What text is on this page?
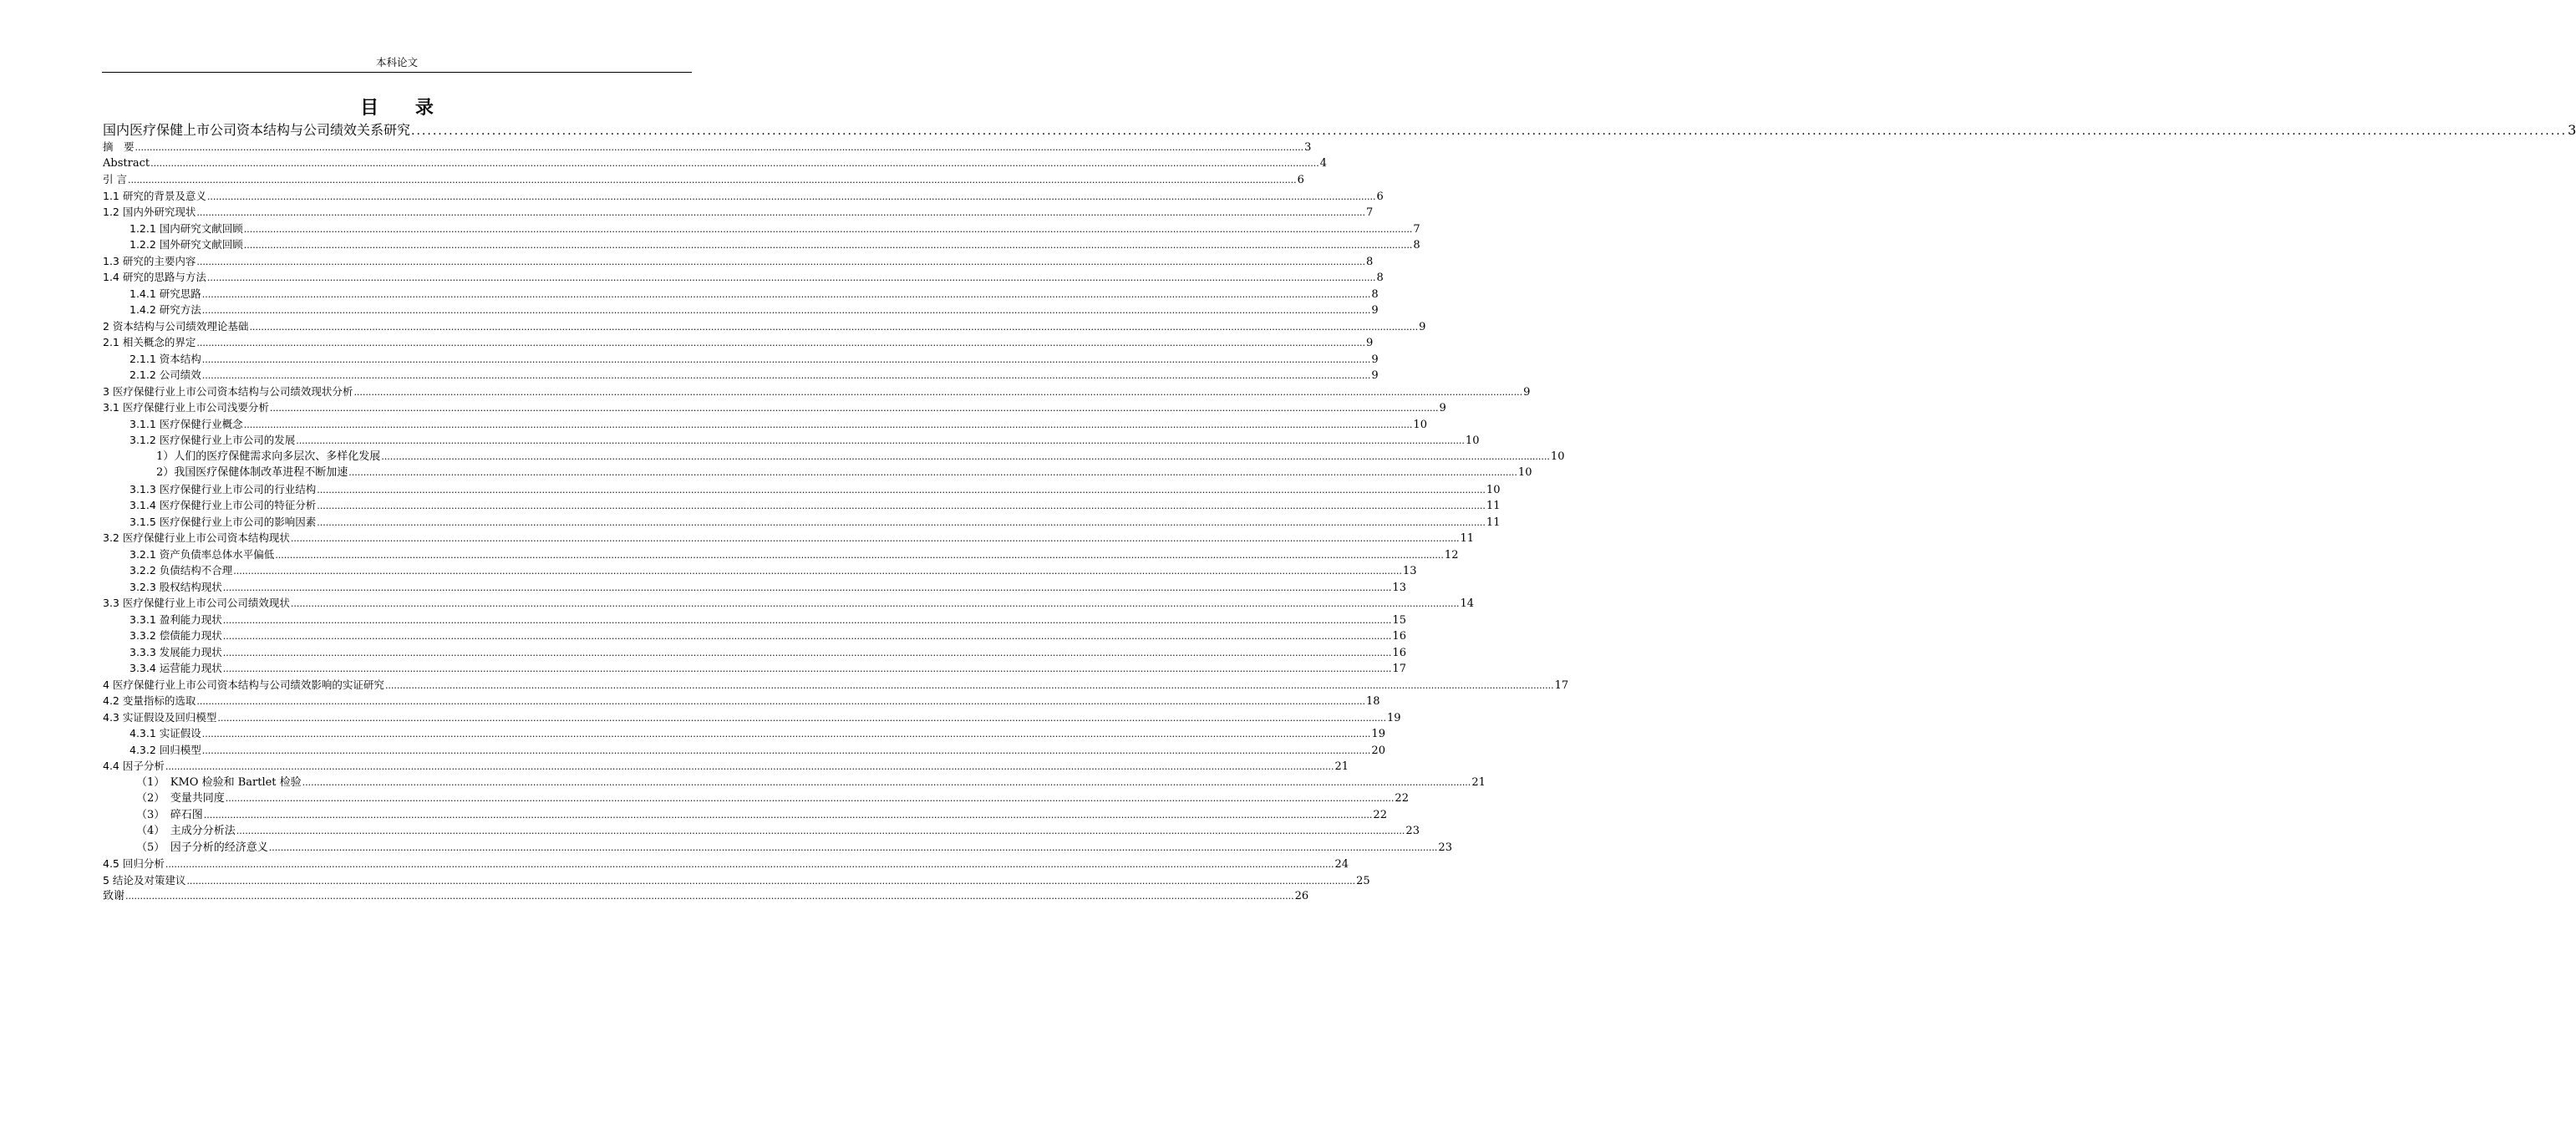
本科论文
目 录
国内医疗保健上市公司资本结构与公司绩效关系研究 ................................................................................................................................................................................................................................................................................................................................................................................................................ 3
摘　要 ................................................................................................................................................................................................................................................................................................................................................................................................................ 3
Abstract ................................................................................................................................................................................................................................................................................................................................................................................................................ 4
引 言 ................................................................................................................................................................................................................................................................................................................................................................................................................ 6
1.1 研究的背景及意义 ................................................................................................................................................................................................................................................................................................................................................................................................................ 6
1.2 国内外研究现状 ................................................................................................................................................................................................................................................................................................................................................................................................................ 7
1.2.1 国内研究文献回顾 ................................................................................................................................................................................................................................................................................................................................................................................................................ 7
1.2.2 国外研究文献回顾 ................................................................................................................................................................................................................................................................................................................................................................................................................ 8
1.3 研究的主要内容 ................................................................................................................................................................................................................................................................................................................................................................................................................ 8
1.4 研究的思路与方法 ................................................................................................................................................................................................................................................................................................................................................................................................................ 8
1.4.1 研究思路 ................................................................................................................................................................................................................................................................................................................................................................................................................ 8
1.4.2 研究方法 ................................................................................................................................................................................................................................................................................................................................................................................................................ 9
2 资本结构与公司绩效理论基础 ................................................................................................................................................................................................................................................................................................................................................................................................................ 9
2.1 相关概念的界定 ................................................................................................................................................................................................................................................................................................................................................................................................................ 9
2.1.1 资本结构 ................................................................................................................................................................................................................................................................................................................................................................................................................ 9
2.1.2 公司绩效 ................................................................................................................................................................................................................................................................................................................................................................................................................ 9
3 医疗保健行业上市公司资本结构与公司绩效现状分析 ................................................................................................................................................................................................................................................................................................................................................................................................................ 9
3.1 医疗保健行业上市公司浅要分析 ................................................................................................................................................................................................................................................................................................................................................................................................................ 9
3.1.1 医疗保健行业概念 ................................................................................................................................................................................................................................................................................................................................................................................................................ 10
3.1.2 医疗保健行业上市公司的发展 ................................................................................................................................................................................................................................................................................................................................................................................................................ 10
1）人们的医疗保健需求向多层次、多样化发展 ................................................................................................................................................................................................................................................................................................................................................................................................................ 10
2）我国医疗保健体制改革进程不断加速 ................................................................................................................................................................................................................................................................................................................................................................................................................ 10
3.1.3 医疗保健行业上市公司的行业结构 ................................................................................................................................................................................................................................................................................................................................................................................................................ 10
3.1.4 医疗保健行业上市公司的特征分析 ................................................................................................................................................................................................................................................................................................................................................................................................................ 11
3.1.5 医疗保健行业上市公司的影响因素 ................................................................................................................................................................................................................................................................................................................................................................................................................ 11
3.2 医疗保健行业上市公司资本结构现状 ................................................................................................................................................................................................................................................................................................................................................................................................................ 11
3.2.1 资产负债率总体水平偏低 ................................................................................................................................................................................................................................................................................................................................................................................................................ 12
3.2.2 负债结构不合理 ................................................................................................................................................................................................................................................................................................................................................................................................................ 13
3.2.3 股权结构现状 ................................................................................................................................................................................................................................................................................................................................................................................................................ 13
3.3 医疗保健行业上市公司公司绩效现状 ................................................................................................................................................................................................................................................................................................................................................................................................................ 14
3.3.1 盈利能力现状 ................................................................................................................................................................................................................................................................................................................................................................................................................ 15
3.3.2 偿债能力现状 ................................................................................................................................................................................................................................................................................................................................................................................................................ 16
3.3.3 发展能力现状 ................................................................................................................................................................................................................................................................................................................................................................................................................ 16
3.3.4 运营能力现状 ................................................................................................................................................................................................................................................................................................................................................................................................................ 17
4 医疗保健行业上市公司资本结构与公司绩效影响的实证研究 ................................................................................................................................................................................................................................................................................................................................................................................................................ 17
4.2 变量指标的选取 ................................................................................................................................................................................................................................................................................................................................................................................................................ 18
4.3 实证假设及回归模型 ................................................................................................................................................................................................................................................................................................................................................................................................................ 19
4.3.1 实证假设 ................................................................................................................................................................................................................................................................................................................................................................................................................ 19
4.3.2 回归模型 ................................................................................................................................................................................................................................................................................................................................................................................................................ 20
4.4 因子分析 ................................................................................................................................................................................................................................................................................................................................................................................................................ 21
（1）　KMO 检验和 Bartlet 检验 ................................................................................................................................................................................................................................................................................................................................................................................................................ 21
（2）　变量共同度 ................................................................................................................................................................................................................................................................................................................................................................................................................ 22
（3）　碎石图 ................................................................................................................................................................................................................................................................................................................................................................................................................ 22
（4）　主成分分析法 ................................................................................................................................................................................................................................................................................................................................................................................................................ 23
（5）　因子分析的经济意义 ................................................................................................................................................................................................................................................................................................................................................................................................................ 23
4.5 回归分析 ................................................................................................................................................................................................................................................................................................................................................................................................................ 24
5 结论及对策建议 ................................................................................................................................................................................................................................................................................................................................................................................................................ 25
致谢 ................................................................................................................................................................................................................................................................................................................................................................................................................ 26
